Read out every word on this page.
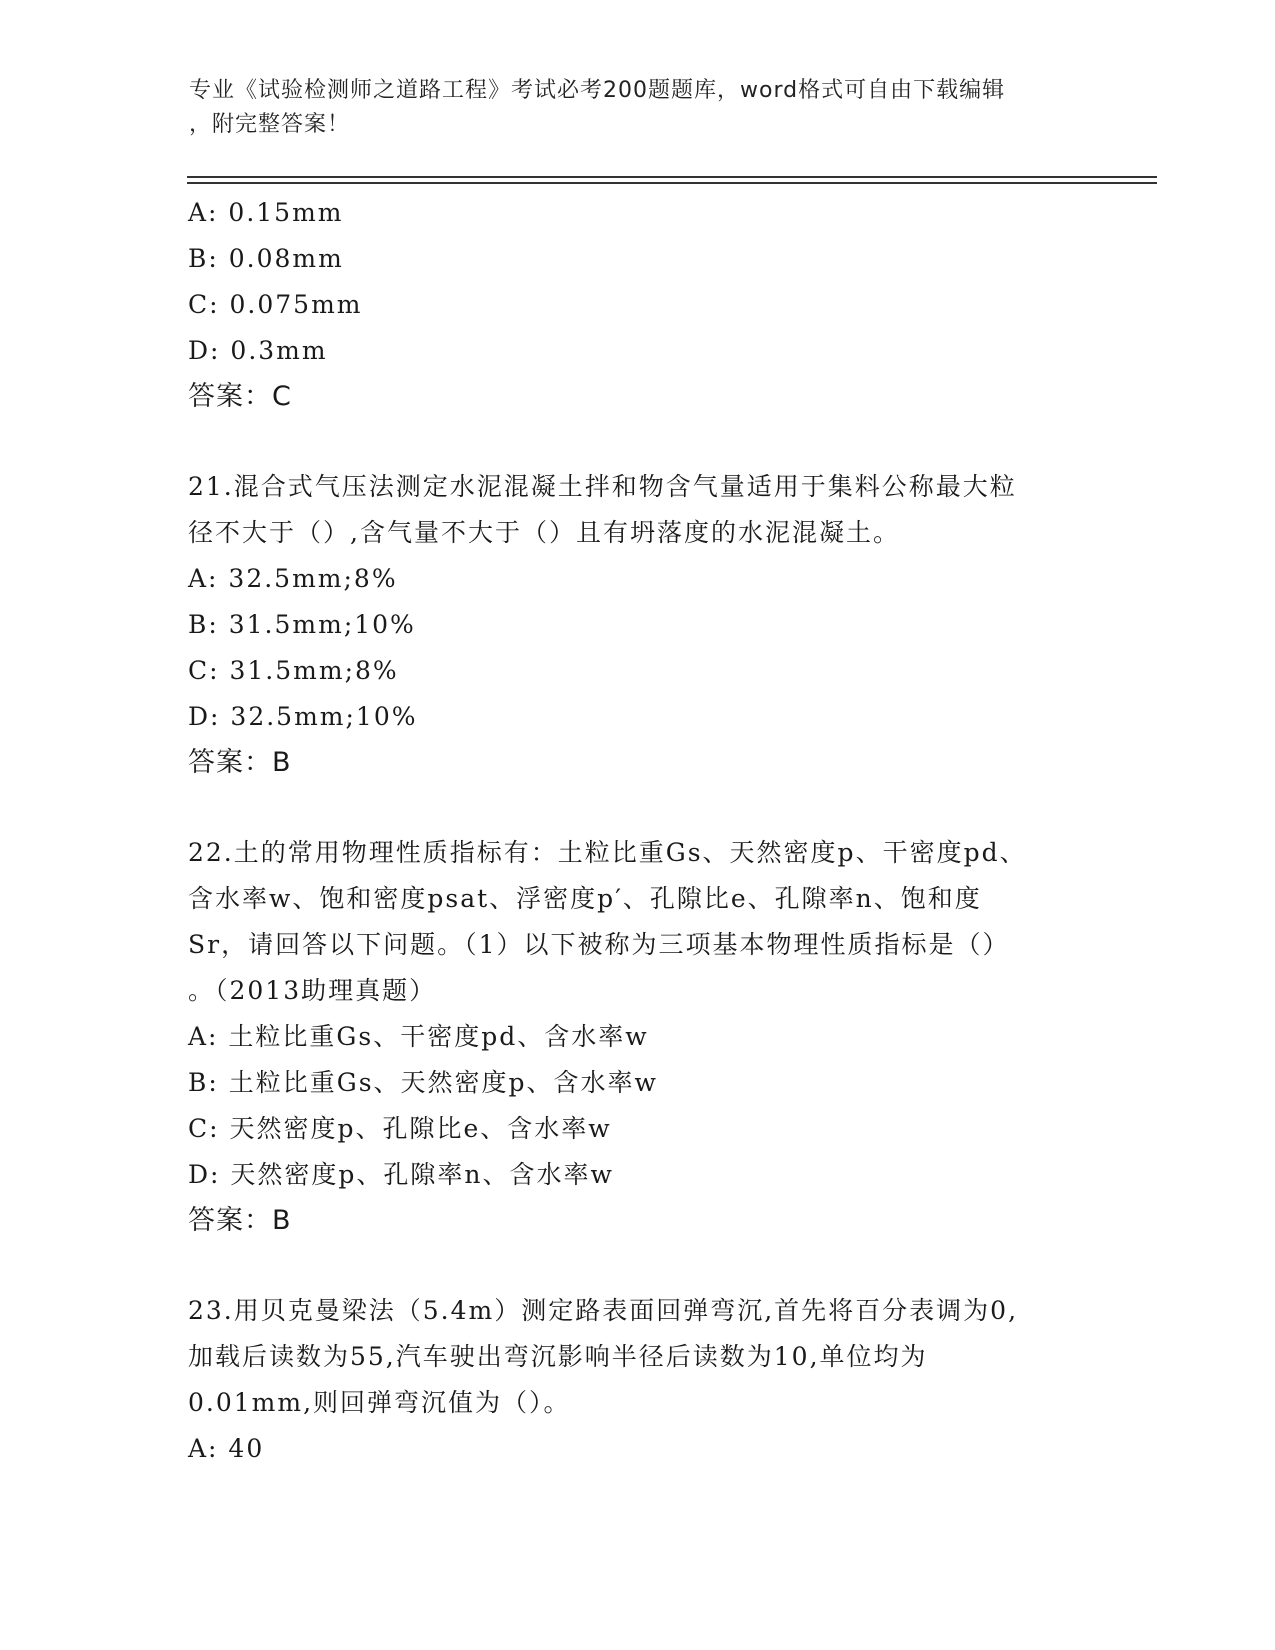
专业《试验检测师之道路工程》考试必考200题题库，word格式可自由下载编辑
，附完整答案！
A: 0.15mm
B: 0.08mm
C: 0.075mm
D: 0.3mm
答案：C
21.混合式气压法测定水泥混凝土拌和物含气量适用于集料公称最大粒
径不大于（）,含气量不大于（）且有坍落度的水泥混凝土。
A: 32.5mm;8%
B: 31.5mm;10%
C: 31.5mm;8%
D: 32.5mm;10%
答案：B
22.土的常用物理性质指标有：土粒比重Gs、天然密度p、干密度pd、
含水率w、饱和密度psat、浮密度p′、孔隙比e、孔隙率n、饱和度
Sr，请回答以下问题。（1）以下被称为三项基本物理性质指标是（）
。（2013助理真题）
A: 土粒比重Gs、干密度pd、含水率w
B: 土粒比重Gs、天然密度p、含水率w
C: 天然密度p、孔隙比e、含水率w
D: 天然密度p、孔隙率n、含水率w
答案：B
23.用贝克曼梁法（5.4m）测定路表面回弹弯沉,首先将百分表调为0,
加载后读数为55,汽车驶出弯沉影响半径后读数为10,单位均为
0.01mm,则回弹弯沉值为（）。
A: 40
